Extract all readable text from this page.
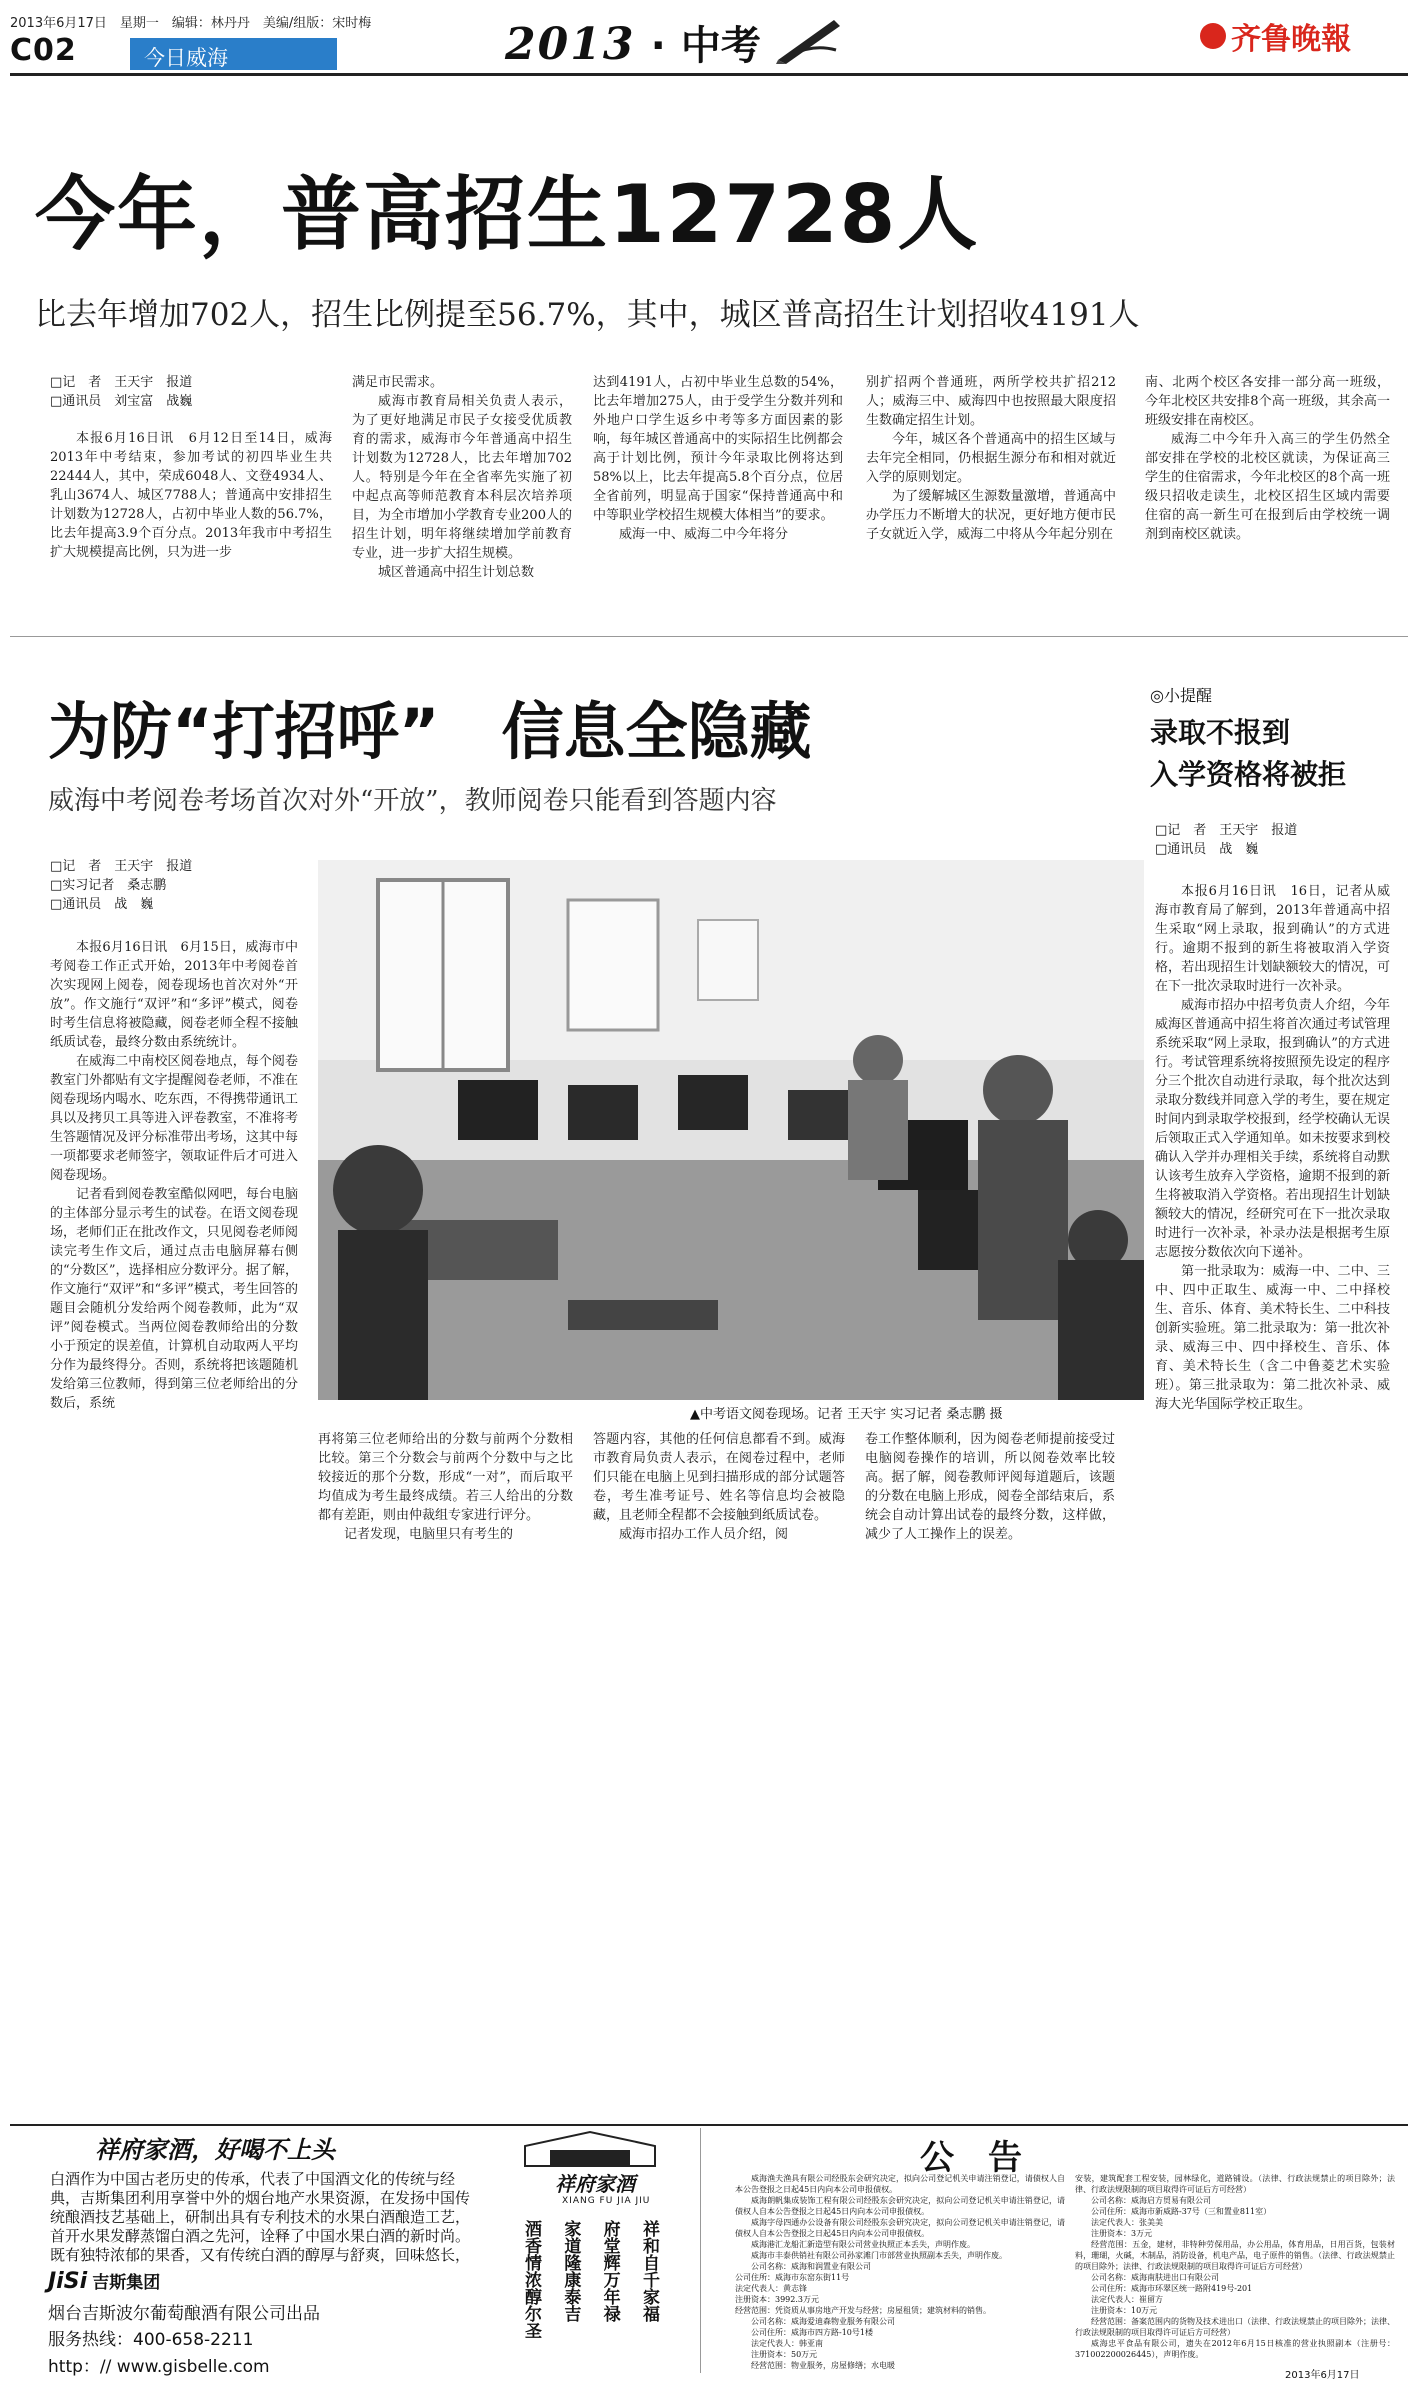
2013年6月17日　星期一　编辑：林丹丹　美编/组版：宋时梅
C02	今日威海	2013 · 中考	齐鲁晚報
今年，普高招生12728人
比去年增加702人，招生比例提至56.7%，其中，城区普高招生计划招收4191人
□记　者　王天宇　报道
□通讯员　刘宝富　战巍

本报6月16日讯　6月12日至14日，威海2013年中考结束，参加考试的初四毕业生共22444人，其中，荣成6048人、文登4934人、乳山3674人、城区7788人；普通高中安排招生计划数为12728人，占初中毕业人数的56.7%，比去年提高3.9个百分点。2013年我市中考招生扩大规模提高比例，只为进一步

满足市民需求。

威海市教育局相关负责人表示，为了更好地满足市民子女接受优质教育的需求，威海市今年普通高中招生计划数为12728人，比去年增加702人。特别是今年在全省率先实施了初中起点高等师范教育本科层次培养项目，为全市增加小学教育专业200人的招生计划，明年将继续增加学前教育专业，进一步扩大招生规模。

城区普通高中招生计划总数

达到4191人，占初中毕业生总数的54%，比去年增加275人，由于受学生分数并列和外地户口学生返乡中考等多方面因素的影响，每年城区普通高中的实际招生比例都会高于计划比例，预计今年录取比例将达到58%以上，比去年提高5.8个百分点，位居全省前列，明显高于国家“保持普通高中和中等职业学校招生规模大体相当”的要求。

威海一中、威海二中今年将分

别扩招两个普通班，两所学校共扩招212人；威海三中、威海四中也按照最大限度招生数确定招生计划。

今年，城区各个普通高中的招生区域与去年完全相同，仍根据生源分布和相对就近入学的原则划定。

为了缓解城区生源数量激增，普通高中办学压力不断增大的状况，更好地方便市民子女就近入学，威海二中将从今年起分别在

南、北两个校区各安排一部分高一班级，今年北校区共安排8个高一班级，其余高一班级安排在南校区。

威海二中今年升入高三的学生仍然全部安排在学校的北校区就读，为保证高三学生的住宿需求，今年北校区的8个高一班级只招收走读生，北校区招生区域内需要住宿的高一新生可在报到后由学校统一调剂到南校区就读。

为防“打招呼”　信息全隐藏
威海中考阅卷考场首次对外“开放”，教师阅卷只能看到答题内容
□记　者　王天宇　报道
□实习记者　桑志鹏
□通讯员　战　巍

本报6月16日讯　6月15日，威海市中考阅卷工作正式开始，2013年中考阅卷首次实现网上阅卷，阅卷现场也首次对外“开放”。作文施行“双评”和“多评”模式，阅卷时考生信息将被隐藏，阅卷老师全程不接触纸质试卷，最终分数由系统统计。

在威海二中南校区阅卷地点，每个阅卷教室门外都贴有文字提醒阅卷老师，不准在阅卷现场内喝水、吃东西，不得携带通讯工具以及拷贝工具等进入评卷教室，不准将考生答题情况及评分标准带出考场，这其中每一项都要求老师签字，领取证件后才可进入阅卷现场。

记者看到阅卷教室酷似网吧，每台电脑的主体部分显示考生的试卷。在语文阅卷现场，老师们正在批改作文，只见阅卷老师阅读完考生作文后，通过点击电脑屏幕右侧的“分数区”，选择相应分数评分。据了解，作文施行“双评”和“多评”模式，考生回答的题目会随机分发给两个阅卷教师，此为“双评”阅卷模式。当两位阅卷教师给出的分数小于预定的误差值，计算机自动取两人平均分作为最终得分。否则，系统将把该题随机发给第三位教师，得到第三位老师给出的分数后，系统

▲中考语文阅卷现场。记者 王天宇 实习记者 桑志鹏 摄

再将第三位老师给出的分数与前两个分数相比较。第三个分数会与前两个分数中与之比较接近的那个分数，形成“一对”，而后取平均值成为考生最终成绩。若三人给出的分数都有差距，则由仲裁组专家进行评分。

记者发现，电脑里只有考生的

答题内容，其他的任何信息都看不到。威海市教育局负责人表示，在阅卷过程中，老师们只能在电脑上见到扫描形成的部分试题答卷，考生准考证号、姓名等信息均会被隐藏，且老师全程都不会接触到纸质试卷。

威海市招办工作人员介绍，阅

卷工作整体顺利，因为阅卷老师提前接受过电脑阅卷操作的培训，所以阅卷效率比较高。据了解，阅卷教师评阅每道题后，该题的分数在电脑上形成，阅卷全部结束后，系统会自动计算出试卷的最终分数，这样做，减少了人工操作上的误差。

◎小提醒
录取不报到
入学资格将被拒
□记　者　王天宇　报道
□通讯员　战　巍

本报6月16日讯　16日，记者从威海市教育局了解到，2013年普通高中招生采取“网上录取，报到确认”的方式进行。逾期不报到的新生将被取消入学资格，若出现招生计划缺额较大的情况，可在下一批次录取时进行一次补录。

威海市招办中招考负责人介绍，今年威海区普通高中招生将首次通过考试管理系统采取“网上录取，报到确认”的方式进行。考试管理系统将按照预先设定的程序分三个批次自动进行录取，每个批次达到录取分数线并同意入学的考生，要在规定时间内到录取学校报到，经学校确认无误后领取正式入学通知单。如未按要求到校确认入学并办理相关手续，系统将自动默认该考生放弃入学资格，逾期不报到的新生将被取消入学资格。若出现招生计划缺额较大的情况，经研究可在下一批次录取时进行一次补录，补录办法是根据考生原志愿按分数依次向下递补。

第一批录取为：威海一中、二中、三中、四中正取生、威海一中、二中择校生、音乐、体育、美术特长生、二中科技创新实验班。第二批录取为：第一批次补录、威海三中、四中择校生、音乐、体育、美术特长生（含二中鲁菱艺术实验班）。第三批录取为：第二批次补录、威海大光华国际学校正取生。

祥府家酒，好喝不上头
白酒作为中国古老历史的传承，代表了中国酒文化的传统与经典，吉斯集团利用享誉中外的烟台地产水果资源，在发扬中国传统酿酒技艺基础上，研制出具有专利技术的水果白酒酿造工艺，首开水果发酵蒸馏白酒之先河，诠释了中国水果白酒的新时尚。既有独特浓郁的果香，又有传统白酒的醇厚与舒爽，回味悠长，
JiSi 吉斯集团
烟台吉斯波尔葡萄酿酒有限公司出品
服务热线：400-658-2211
http：// www.gisbelle.com
祥府家酒
XIANG FU JIA JIU
祥和自千家福
府堂辉万年禄
家道隆康泰吉
酒香情浓醇尔圣
公　告

威海渔夫渔具有限公司经股东会研究决定，拟向公司登记机关申请注销登记，请债权人自本公告登报之日起45日内向本公司申报债权。

威海朗帆集成装饰工程有限公司经股东会研究决定，拟向公司登记机关申请注销登记，请债权人自本公告登报之日起45日内向本公司申报债权。

威海字母四通办公设备有限公司经股东会研究决定，拟向公司登记机关申请注销登记，请债权人自本公告登报之日起45日内向本公司申报债权。

威海港汇龙船汇新造型有限公司营业执照正本丢失，声明作废。

威海市丰泰供销社有限公司孙家滩门市部营业执照副本丢失，声明作废。

公司名称：威海和润置业有限公司

公司住所：威海市东窑东街11号

法定代表人：黄志锋

注册资本：3992.3万元

经营范围：凭资质从事房地产开发与经营；房屋租赁；建筑材料的销售。

公司名称：威海爱迪森物业服务有限公司

公司住所：威海市四方路-10号1楼

法定代表人：韩亚南

注册资本：50万元

经营范围：物业服务，房屋修缮；水电暖

安装，建筑配套工程安装，园林绿化，道路铺设。（法律、行政法规禁止的项目除外；法律、行政法规限制的项目取得许可证后方可经营）

公司名称：威海启方贸易有限公司

公司住所：威海市新威路-37号（三和置业811室）

法定代表人：张美美

注册资本：3万元

经营范围：五金，建材，非特种劳保用品，办公用品，体育用品，日用百货，包装材料，珊瑚，火碱，木制品，消防设备，机电产品，电子原件的销售。（法律、行政法规禁止的项目除外；法律、行政法规限制的项目取得许可证后方可经营）

公司名称：威海南肤进出口有限公司

公司住所：威海市环翠区统一路附419号-201

法定代表人：崔留方

注册资本：10万元

经营范围：备案范围内的货物及技术进出口（法律、行政法规禁止的项目除外；法律、行政法规限制的项目取得许可证后方可经营）

威海忠平食品有限公司，遗失在2012年6月15日核准的营业执照副本（注册号：371002200026445），声明作废。

2013年6月17日
